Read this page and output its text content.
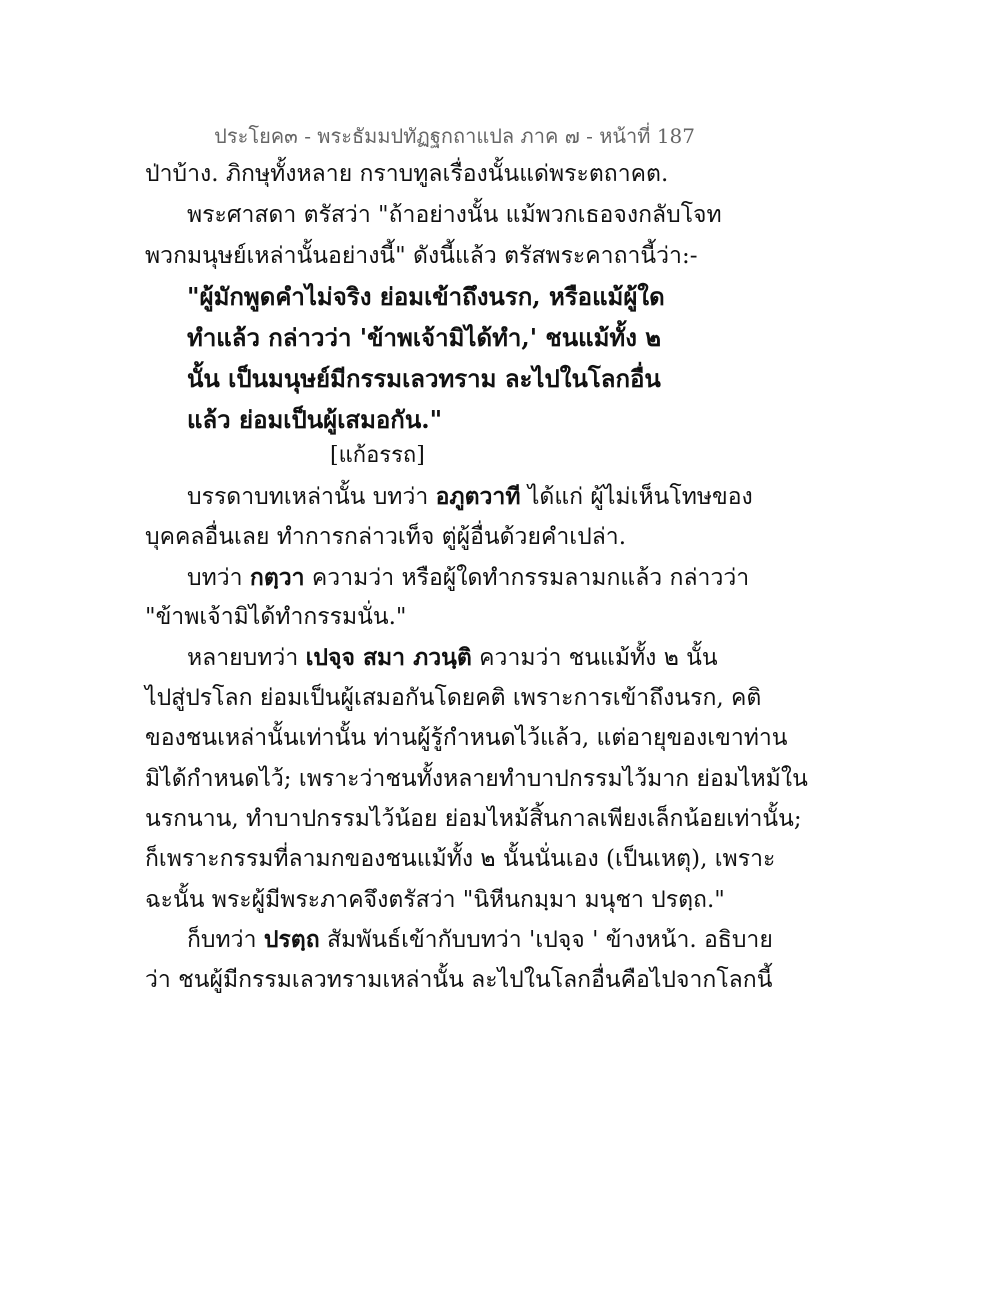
ประโยค๓ - พระธัมมปทัฏฐกถาแปล ภาค ๗ - หน้าที่ 187
ป่าบ้าง. ภิกษุทั้งหลาย กราบทูลเรื่องนั้นแด่พระตถาคต.
พระศาสดา ตรัสว่า "ถ้าอย่างนั้น แม้พวกเธอจงกลับโจท
พวกมนุษย์เหล่านั้นอย่างนี้" ดังนี้แล้ว ตรัสพระคาถานี้ว่า:-
"ผู้มักพูดคำไม่จริง ย่อมเข้าถึงนรก, หรือแม้ผู้ใด
ทำแล้ว กล่าวว่า 'ข้าพเจ้ามิได้ทำ,' ชนแม้ทั้ง ๒
นั้น เป็นมนุษย์มีกรรมเลวทราม ละไปในโลกอื่น
แล้ว ย่อมเป็นผู้เสมอกัน."
[แก้อรรถ]
บรรดาบทเหล่านั้น บทว่า อภูตวาที ได้แก่ ผู้ไม่เห็นโทษของ
บุคคลอื่นเลย ทำการกล่าวเท็จ ตู่ผู้อื่นด้วยคำเปล่า.
บทว่า กตฺวา ความว่า หรือผู้ใดทำกรรมลามกแล้ว กล่าวว่า
"ข้าพเจ้ามิได้ทำกรรมนั่น."
หลายบทว่า เปจฺจ สมา ภวนฺติ ความว่า ชนแม้ทั้ง ๒ นั้น
ไปสู่ปรโลก ย่อมเป็นผู้เสมอกันโดยคติ เพราะการเข้าถึงนรก, คติ
ของชนเหล่านั้นเท่านั้น ท่านผู้รู้กำหนดไว้แล้ว, แต่อายุของเขาท่าน
มิได้กำหนดไว้; เพราะว่าชนทั้งหลายทำบาปกรรมไว้มาก ย่อมไหม้ใน
นรกนาน, ทำบาปกรรมไว้น้อย ย่อมไหม้สิ้นกาลเพียงเล็กน้อยเท่านั้น;
ก็เพราะกรรมที่ลามกของชนแม้ทั้ง ๒ นั้นนั่นเอง (เป็นเหตุ), เพราะ
ฉะนั้น พระผู้มีพระภาคจึงตรัสว่า "นิหีนกมฺมา มนุชา ปรตฺถ."
ก็บทว่า ปรตฺถ สัมพันธ์เข้ากับบทว่า 'เปจฺจ ' ข้างหน้า. อธิบาย
ว่า ชนผู้มีกรรมเลวทรามเหล่านั้น ละไปในโลกอื่นคือไปจากโลกนี้
